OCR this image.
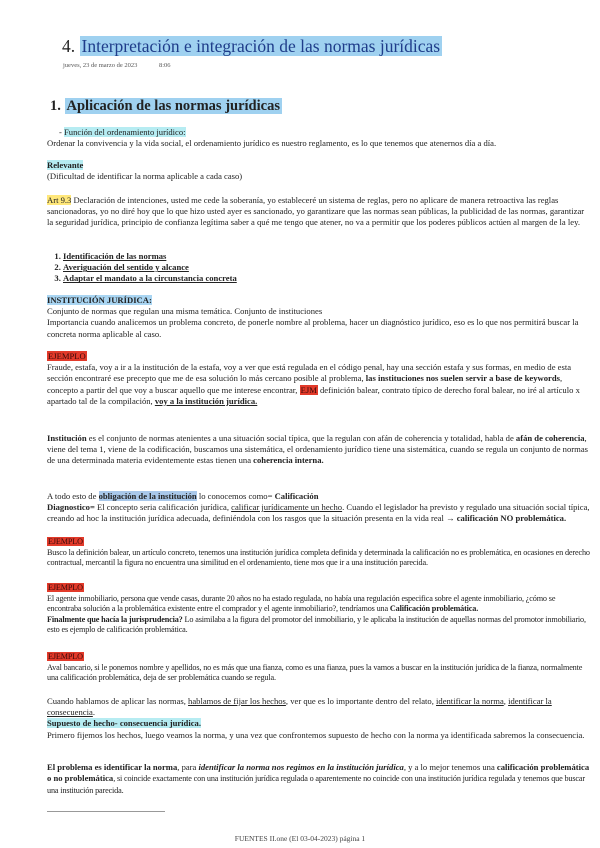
4. Interpretación e integración de las normas jurídicas
jueves, 23 de marzo de 2023	8:06
1. Aplicación de las normas jurídicas
- Función del ordenamiento jurídico:
Ordenar la convivencia y la vida social, el ordenamiento jurídico es nuestro reglamento, es lo que tenemos que atenernos día a día.
Relevante
(Dificultad de identificar la norma aplicable a cada caso)
Art 9.3 Declaración de intenciones, usted me cede la soberanía, yo estableceré un sistema de reglas, pero no aplicare de manera retroactiva las reglas sancionadoras, yo no diré hoy que lo que hizo usted ayer es sancionado, yo garantizare que las normas sean públicas, la publicidad de las normas, garantizar la seguridad jurídica, principio de confianza legítima saber a qué me tengo que atener, no va a permitir que los poderes públicos actúen al margen de la ley.
1. Identificación de las normas
2. Averiguación del sentido y alcance
3. Adaptar el mandato a la circunstancia concreta
INSTITUCIÓN JURÍDICA:
Conjunto de normas que regulan una misma temática. Conjunto de instituciones
Importancia cuando analicemos un problema concreto, de ponerle nombre al problema, hacer un diagnóstico jurídico, eso es lo que nos permitirá buscar la concreta norma aplicable al caso.
EJEMPLO
Fraude, estafa, voy a ir a la institución de la estafa, voy a ver que está regulada en el código penal, hay una sección estafa y sus formas, en medio de esta sección encontraré ese precepto que me de esa solución lo más cercano posible al problema, las instituciones nos suelen servir a base de keywords, concepto a partir del que voy a buscar aquello que me interese encontrar, EJM definición balear, contrato típico de derecho foral balear, no iré al artículo x apartado tal de la compilación, voy a la institución jurídica.
Institución es el conjunto de normas atenientes a una situación social típica, que la regulan con afán de coherencia y totalidad, habla de afán de coherencia, viene del tema 1, viene de la codificación, buscamos una sistemática, el ordenamiento jurídico tiene una sistemática, cuando se regula un conjunto de normas de una determinada materia evidentemente estas tienen una coherencia interna.
A todo esto de obligación de la institución lo conocemos como= Calificación
Diagnostico= El concepto seria calificación jurídica, calificar jurídicamente un hecho. Cuando el legislador ha previsto y regulado una situación social típica, creando ad hoc la institución jurídica adecuada, definiéndola con los rasgos que la situación presenta en la vida real → calificación NO problemática.
EJEMPLO
Busco la definición balear, un artículo concreto, tenemos una institución jurídica completa definida y determinada la calificación no es problemática, en ocasiones en derecho contractual, mercantil la figura no encuentra una similitud en el ordenamiento, tiene mos que ir a una institución parecida.
EJEMPLO
El agente inmobiliario, persona que vende casas, durante 20 años no ha estado regulada, no había una regulación especifica sobre el agente inmobiliario, ¿cómo se encontraba solución a la problemática existente entre el comprador y el agente inmobiliario?, tendríamos una Calificación problemática.
Finalmente que hacía la jurisprudencia? Lo asimilaba a la figura del promotor del inmobiliario, y le aplicaba la institución de aquellas normas del promotor inmobiliario, esto es ejemplo de calificación problemática.
EJEMPLO
Aval bancario, si le ponemos nombre y apellidos, no es más que una fianza, como es una fianza, pues la vamos a buscar en la institución jurídica de la fianza, normalmente una calificación problemática, deja de ser problemática cuando se regula.
Cuando hablamos de aplicar las normas, hablamos de fijar los hechos, ver que es lo importante dentro del relato, identificar la norma, identificar la consecuencia.
Supuesto de hecho- consecuencia jurídica.
Primero fijemos los hechos, luego veamos la norma, y una vez que confrontemos supuesto de hecho con la norma ya identificada sabremos la consecuencia.
El problema es identificar la norma, para identificar la norma nos regimos en la institución jurídica, y a lo mejor tenemos una calificación problemática o no problemática, si coincide exactamente con una institución jurídica regulada o aparentemente no coincide con una institución jurídica regulada y tenemos que buscar una institución parecida.
FUENTES II.one (El 03-04-2023) página 1
